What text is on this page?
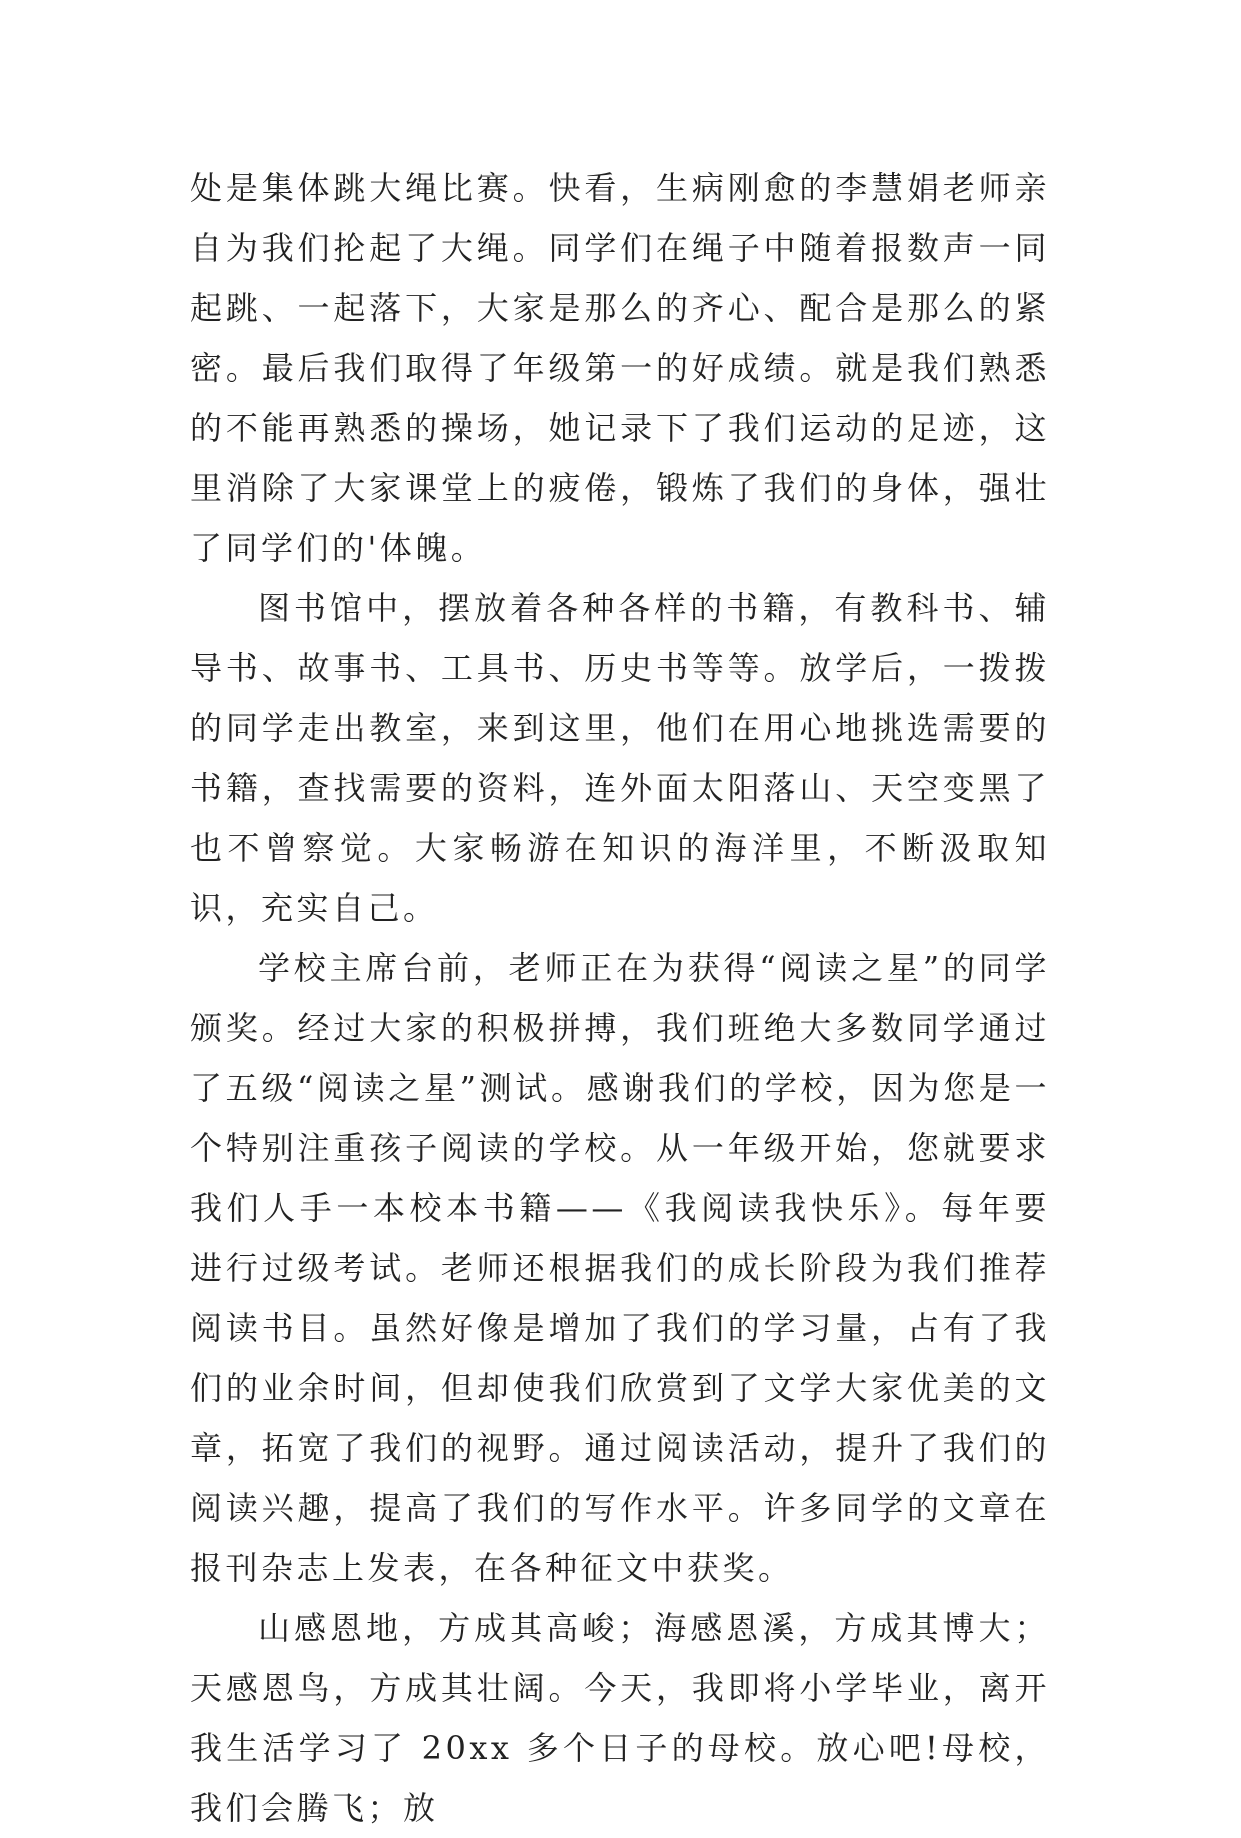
处是集体跳大绳比赛。快看，生病刚愈的李慧娟老师亲自为我们抡起了大绳。同学们在绳子中随着报数声一同起跳、一起落下，大家是那么的齐心、配合是那么的紧密。最后我们取得了年级第一的好成绩。就是我们熟悉的不能再熟悉的操场，她记录下了我们运动的足迹，这里消除了大家课堂上的疲倦，锻炼了我们的身体，强壮了同学们的'体魄。

图书馆中，摆放着各种各样的书籍，有教科书、辅导书、故事书、工具书、历史书等等。放学后，一拨拨的同学走出教室，来到这里，他们在用心地挑选需要的书籍，查找需要的资料，连外面太阳落山、天空变黑了也不曾察觉。大家畅游在知识的海洋里，不断汲取知识，充实自己。

学校主席台前，老师正在为获得“阅读之星”的同学颁奖。经过大家的积极拼搏，我们班绝大多数同学通过了五级“阅读之星”测试。感谢我们的学校，因为您是一个特别注重孩子阅读的学校。从一年级开始，您就要求我们人手一本校本书籍——《我阅读我快乐》。每年要进行过级考试。老师还根据我们的成长阶段为我们推荐阅读书目。虽然好像是增加了我们的学习量，占有了我们的业余时间，但却使我们欣赏到了文学大家优美的文章，拓宽了我们的视野。通过阅读活动，提升了我们的阅读兴趣，提高了我们的写作水平。许多同学的文章在报刊杂志上发表，在各种征文中获奖。

山感恩地，方成其高峻；海感恩溪，方成其博大；天感恩鸟，方成其壮阔。今天，我即将小学毕业，离开我生活学习了 20xx 多个日子的母校。放心吧!母校，我们会腾飞；放
